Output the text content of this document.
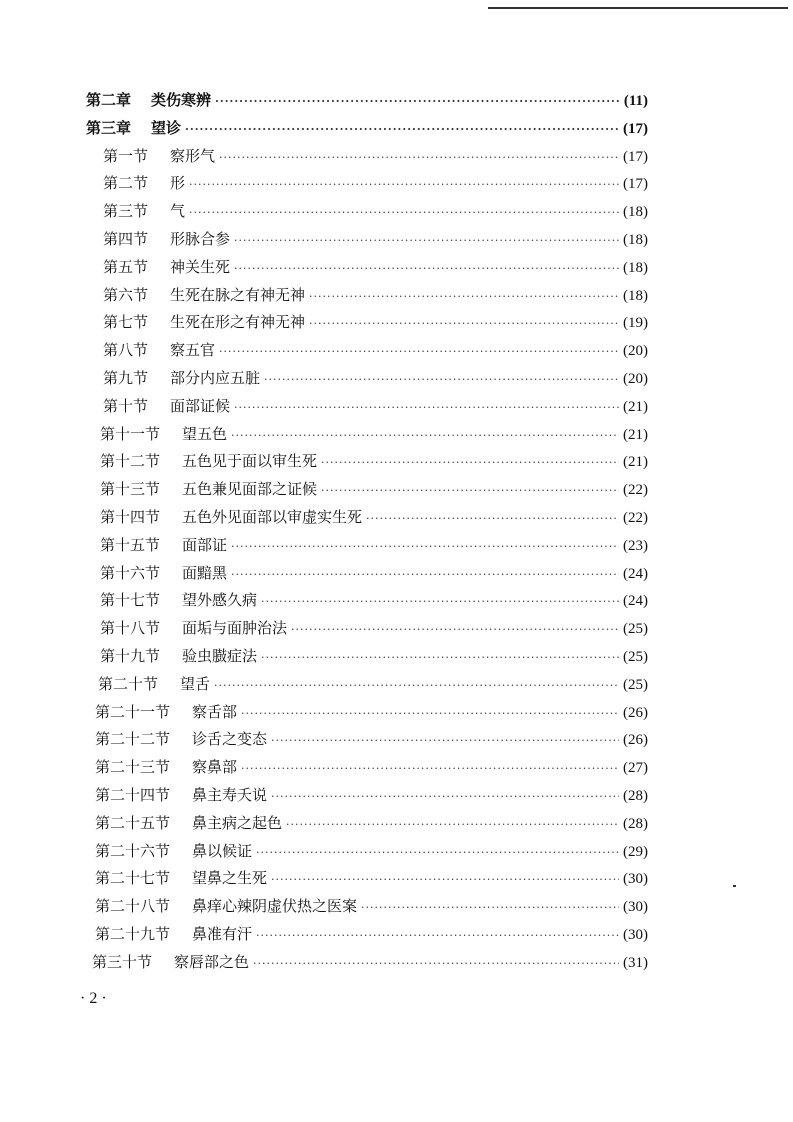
第二章 类伤寒辨 ·····	(11)
第三章 望诊 ·····	(17)
第一节 察形气 ·····	(17)
第二节 形 ·····	(17)
第三节 气 ·····	(18)
第四节 形脉合参 ·····	(18)
第五节 神关生死 ·····	(18)
第六节 生死在脉之有神无神 ·····	(18)
第七节 生死在形之有神无神 ·····	(19)
第八节 察五官 ·····	(20)
第九节 部分内应五脏 ·····	(20)
第十节 面部证候 ·····	(21)
第十一节 望五色 ·····	(21)
第十二节 五色见于面以审生死 ·····	(21)
第十三节 五色兼见面部之证候 ·····	(22)
第十四节 五色外见面部以审虚实生死 ·····	(22)
第十五节 面部证 ·····	(23)
第十六节 面黯黑 ·····	(24)
第十七节 望外感久病 ·····	(24)
第十八节 面垢与面肿治法 ·····	(25)
第十九节 验虫臌症法 ·····	(25)
第二十节 望舌 ·····	(25)
第二十一节 察舌部 ·····	(26)
第二十二节 诊舌之变态 ·····	(26)
第二十三节 察鼻部 ·····	(27)
第二十四节 鼻主寿夭说 ·····	(28)
第二十五节 鼻主病之起色 ·····	(28)
第二十六节 鼻以候证 ·····	(29)
第二十七节 望鼻之生死 ·····	(30)
第二十八节 鼻痒心辣阴虚伏热之医案 ·····	(30)
第二十九节 鼻准有汗 ·····	(30)
第三十节 察唇部之色 ·····	(31)
· 2 ·
